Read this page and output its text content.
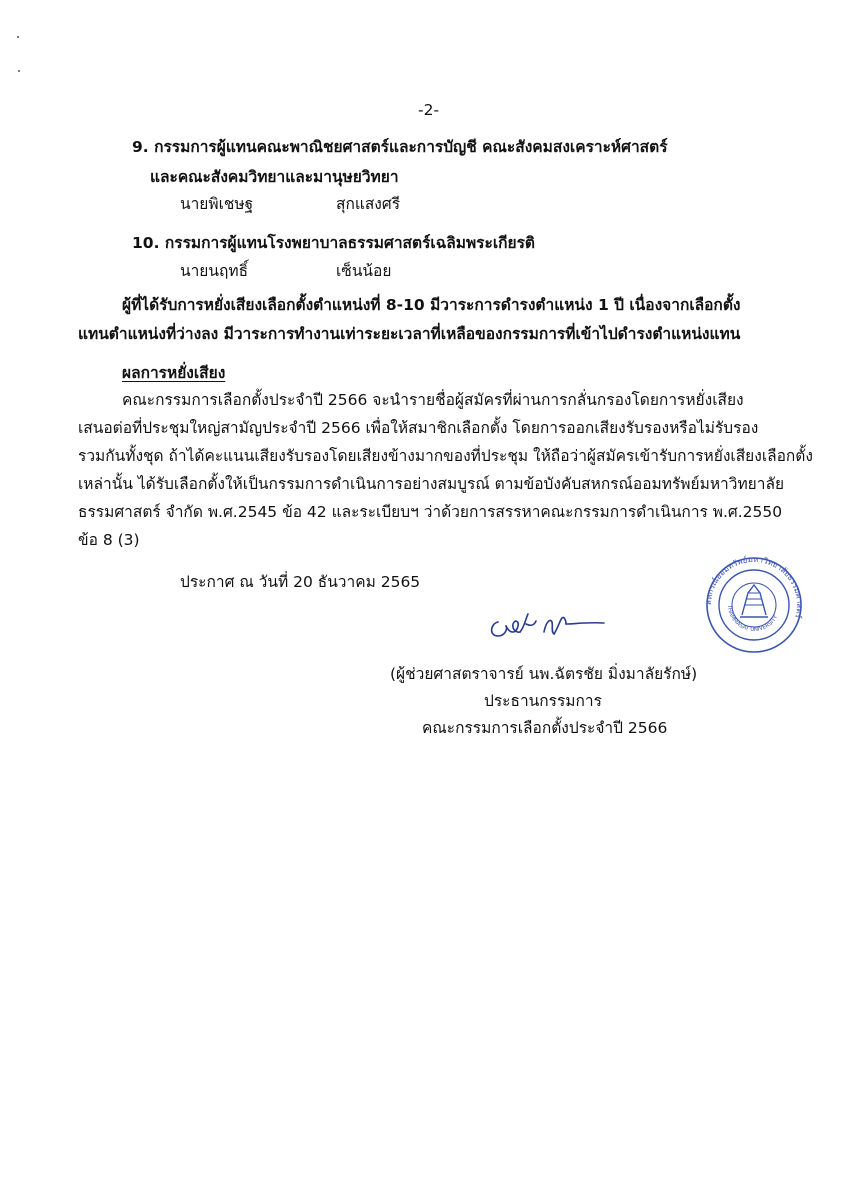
-2-
9. กรรมการผู้แทนคณะพาณิชยศาสตร์และการบัญชี คณะสังคมสงเคราะห์ศาสตร์
และคณะสังคมวิทยาและมานุษยวิทยา
นายพิเชษฐ	สุกแสงศรี
10. กรรมการผู้แทนโรงพยาบาลธรรมศาสตร์เฉลิมพระเกียรติ
นายนฤทธิ์	เซ็นน้อย
ผู้ที่ได้รับการหยั่งเสียงเลือกตั้งตำแหน่งที่ 8-10 มีวาระการดำรงตำแหน่ง 1 ปี เนื่องจากเลือกตั้ง
แทนตำแหน่งที่ว่างลง มีวาระการทำงานเท่าระยะเวลาที่เหลือของกรรมการที่เข้าไปดำรงตำแหน่งแทน
ผลการหยั่งเสียง
คณะกรรมการเลือกตั้งประจำปี 2566 จะนำรายชื่อผู้สมัครที่ผ่านการกลั่นกรองโดยการหยั่งเสียง
เสนอต่อที่ประชุมใหญ่สามัญประจำปี 2566 เพื่อให้สมาชิกเลือกตั้ง โดยการออกเสียงรับรองหรือไม่รับรอง
รวมกันทั้งชุด ถ้าได้คะแนนเสียงรับรองโดยเสียงข้างมากของที่ประชุม ให้ถือว่าผู้สมัครเข้ารับการหยั่งเสียงเลือกตั้ง
เหล่านั้น ได้รับเลือกตั้งให้เป็นกรรมการดำเนินการอย่างสมบูรณ์ ตามข้อบังคับสหกรณ์ออมทรัพย์มหาวิทยาลัย
ธรรมศาสตร์ จำกัด พ.ศ.2545 ข้อ 42 และระเบียบฯ ว่าด้วยการสรรหาคณะกรรมการดำเนินการ พ.ศ.2550
ข้อ 8 (3)
ประกาศ ณ วันที่ 20 ธันวาคม 2565
(ผู้ช่วยศาสตราจารย์ นพ.ฉัตรชัย มิ่งมาลัยรักษ์)
ประธานกรรมการ
คณะกรรมการเลือกตั้งประจำปี 2566
สหกรณ์ออมทรัพย์มหาวิทยาลัยธรรมศาสตร์
THAMMASAT UNIVERSITY
